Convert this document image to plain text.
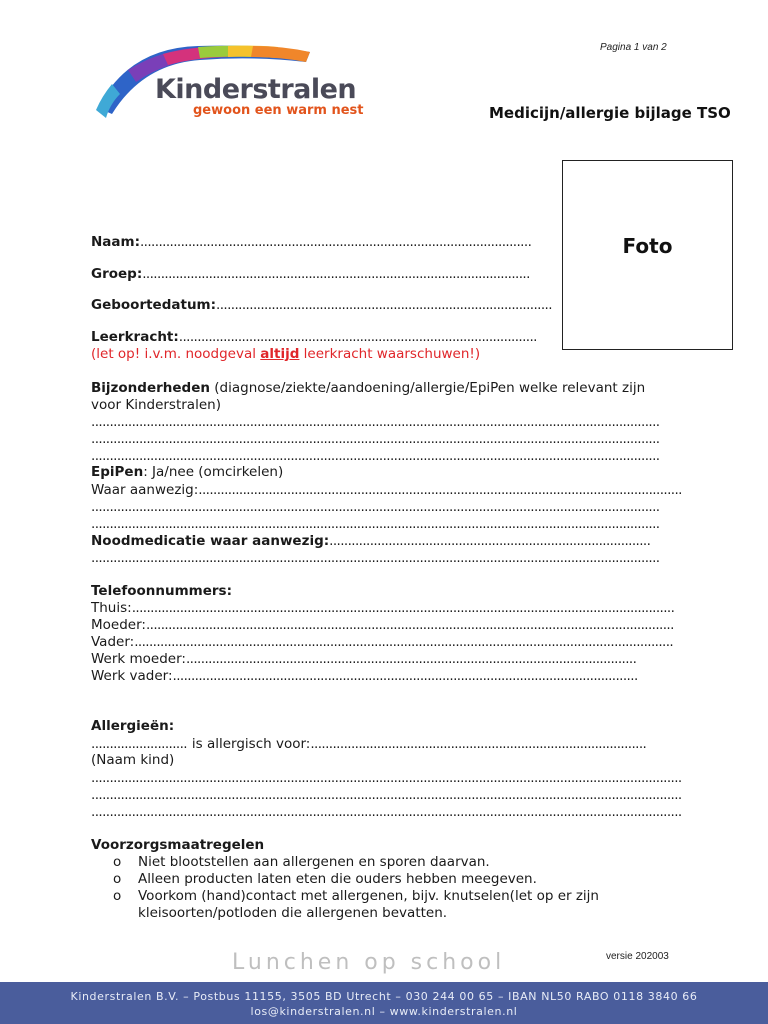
Kinderstralen
gewoon een warm nest
Pagina 1 van 2
Medicijn/allergie bijlage TSO
Foto
Naam:..........................................................................................................
Groep:.........................................................................................................
Geboortedatum:...........................................................................................
Leerkracht:.................................................................................................
(let op! i.v.m. noodgeval altijd leerkracht waarschuwen!)
Bijzonderheden (diagnose/ziekte/aandoening/allergie/EpiPen welke relevant zijn
voor Kinderstralen)
..........................................................................................................................................................
..........................................................................................................................................................
..........................................................................................................................................................
EpiPen: Ja/nee (omcirkelen)
Waar aanwezig:...................................................................................................................................
..........................................................................................................................................................
..........................................................................................................................................................
Noodmedicatie waar aanwezig:.......................................................................................
..........................................................................................................................................................
Telefoonnummers:
Thuis:...................................................................................................................................................
Moeder:...............................................................................................................................................
Vader:..................................................................................................................................................
Werk moeder:..........................................................................................................................
Werk vader:..............................................................................................................................
Allergieën:
.......................... is allergisch voor:...........................................................................................
(Naam kind)
................................................................................................................................................................
................................................................................................................................................................
................................................................................................................................................................
Voorzorgsmaatregelen
o Niet blootstellen aan allergenen en sporen daarvan.
o Alleen producten laten eten die ouders hebben meegeven.
o Voorkom (hand)contact met allergenen, bijv. knutselen(let op er zijn
kleisoorten/potloden die allergenen bevatten.
versie 202003
Lunchen op school
Kinderstralen B.V. – Postbus 11155, 3505 BD Utrecht – 030 244 00 65 – IBAN NL50 RABO 0118 3840 66
los@kinderstralen.nl – www.kinderstralen.nl
